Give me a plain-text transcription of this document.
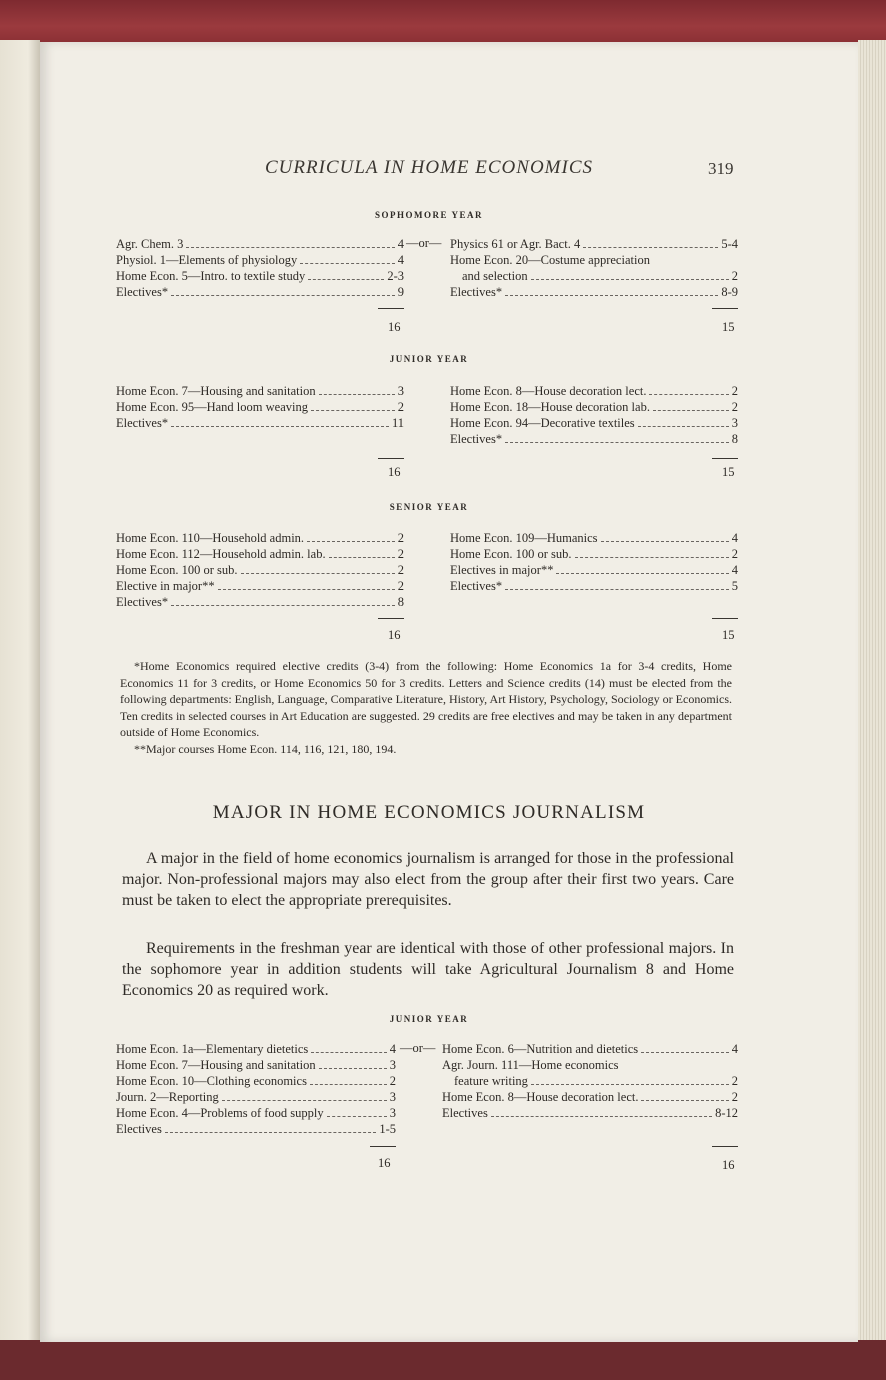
CURRICULA IN HOME ECONOMICS	319
SOPHOMORE YEAR
Agr. Chem. 3	4
Physiol. 1—Elements of physiology	4
Home Econ. 5—Intro. to textile study	2-3
Electives*	9
—or— Physics 61 or Agr. Bact. 4	5-4
Home Econ. 20—Costume appreciation
and selection	2
Electives*	8-9
16	15
JUNIOR YEAR
Home Econ. 7—Housing and sanitation	3
Home Econ. 95—Hand loom weaving	2
Electives*	11
Home Econ. 8—House decoration lect.	2
Home Econ. 18—House decoration lab.	2
Home Econ. 94—Decorative textiles	3
Electives*	8
16	15
SENIOR YEAR
Home Econ. 110—Household admin.	2
Home Econ. 112—Household admin. lab.	2
Home Econ. 100 or sub.	2
Elective in major**	2
Electives*	8
Home Econ. 109—Humanics	4
Home Econ. 100 or sub.	2
Electives in major**	4
Electives*	5
16	15

*Home Economics required elective credits (3-4) from the following: Home Economics 1a for 3-4 credits, Home Economics 11 for 3 credits, or Home Economics 50 for 3 credits. Letters and Science credits (14) must be elected from the following departments: English, Language, Comparative Literature, History, Art History, Psychology, Sociology or Economics. Ten credits in selected courses in Art Education are suggested. 29 credits are free electives and may be taken in any department outside of Home Economics.

**Major courses Home Econ. 114, 116, 121, 180, 194.

MAJOR IN HOME ECONOMICS JOURNALISM

A major in the field of home economics journalism is arranged for those in the professional major. Non-professional majors may also elect from the group after their first two years. Care must be taken to elect the appropriate prerequisites.

Requirements in the freshman year are identical with those of other professional majors. In the sophomore year in addition students will take Agricultural Journalism 8 and Home Economics 20 as required work.

JUNIOR YEAR
Home Econ. 1a—Elementary dietetics	4
Home Econ. 7—Housing and sanitation	3
Home Econ. 10—Clothing economics	2
Journ. 2—Reporting	3
Home Econ. 4—Problems of food supply	3
Electives	1-5
—or— Home Econ. 6—Nutrition and dietetics	4
Agr. Journ. 111—Home economics
feature writing	2
Home Econ. 8—House decoration lect.	2
Electives	8-12
16	16
